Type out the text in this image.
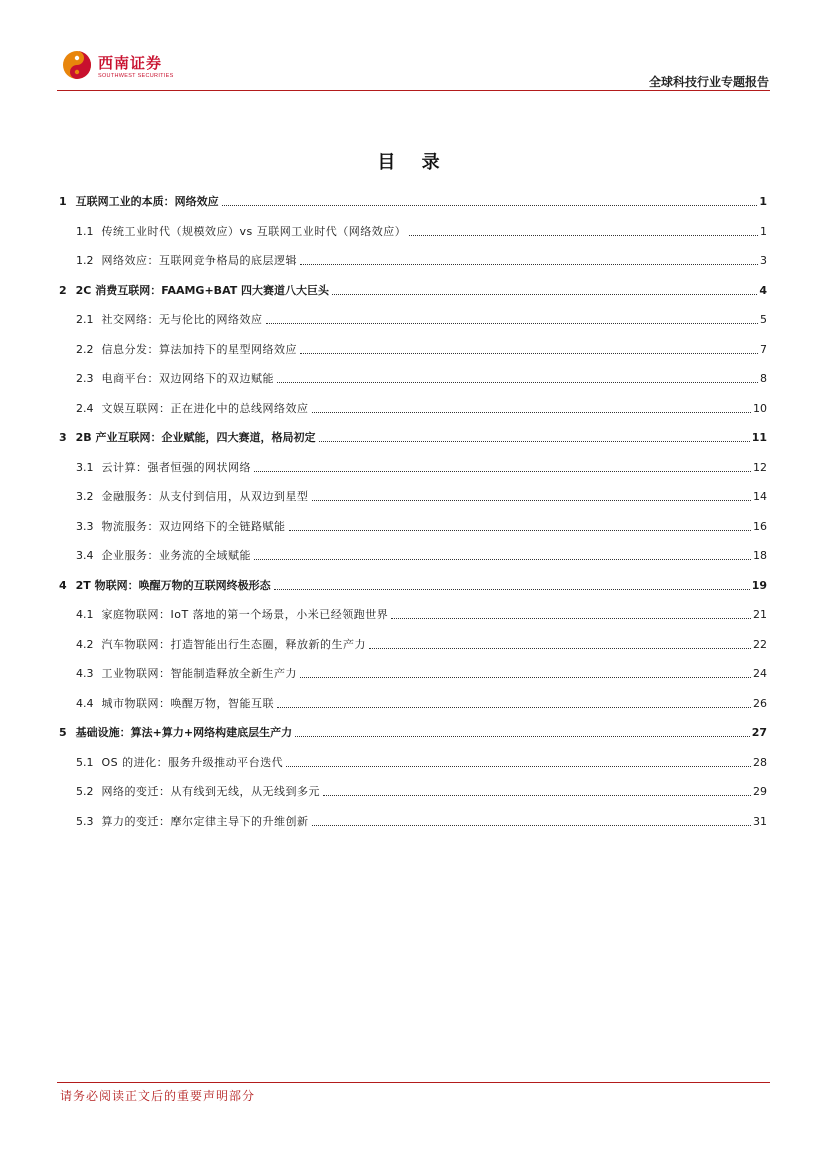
西南证券
SOUTHWEST SECURITIES	全球科技行业专题报告
目 录
1 互联网工业的本质：网络效应	1
1.1 传统工业时代（规模效应）vs 互联网工业时代（网络效应）	1
1.2 网络效应：互联网竞争格局的底层逻辑	3
2 2C 消费互联网：FAAMG+BAT 四大赛道八大巨头	4
2.1 社交网络：无与伦比的网络效应	5
2.2 信息分发：算法加持下的星型网络效应	7
2.3 电商平台：双边网络下的双边赋能	8
2.4 文娱互联网：正在进化中的总线网络效应	10
3 2B 产业互联网：企业赋能，四大赛道，格局初定	11
3.1 云计算：强者恒强的网状网络	12
3.2 金融服务：从支付到信用，从双边到星型	14
3.3 物流服务：双边网络下的全链路赋能	16
3.4 企业服务：业务流的全域赋能	18
4 2T 物联网：唤醒万物的互联网终极形态	19
4.1 家庭物联网：IoT 落地的第一个场景，小米已经领跑世界	21
4.2 汽车物联网：打造智能出行生态圈，释放新的生产力	22
4.3 工业物联网：智能制造释放全新生产力	24
4.4 城市物联网：唤醒万物，智能互联	26
5 基础设施：算法+算力+网络构建底层生产力	27
5.1 OS 的进化：服务升级推动平台迭代	28
5.2 网络的变迁：从有线到无线，从无线到多元	29
5.3 算力的变迁：摩尔定律主导下的升维创新	31
请务必阅读正文后的重要声明部分
